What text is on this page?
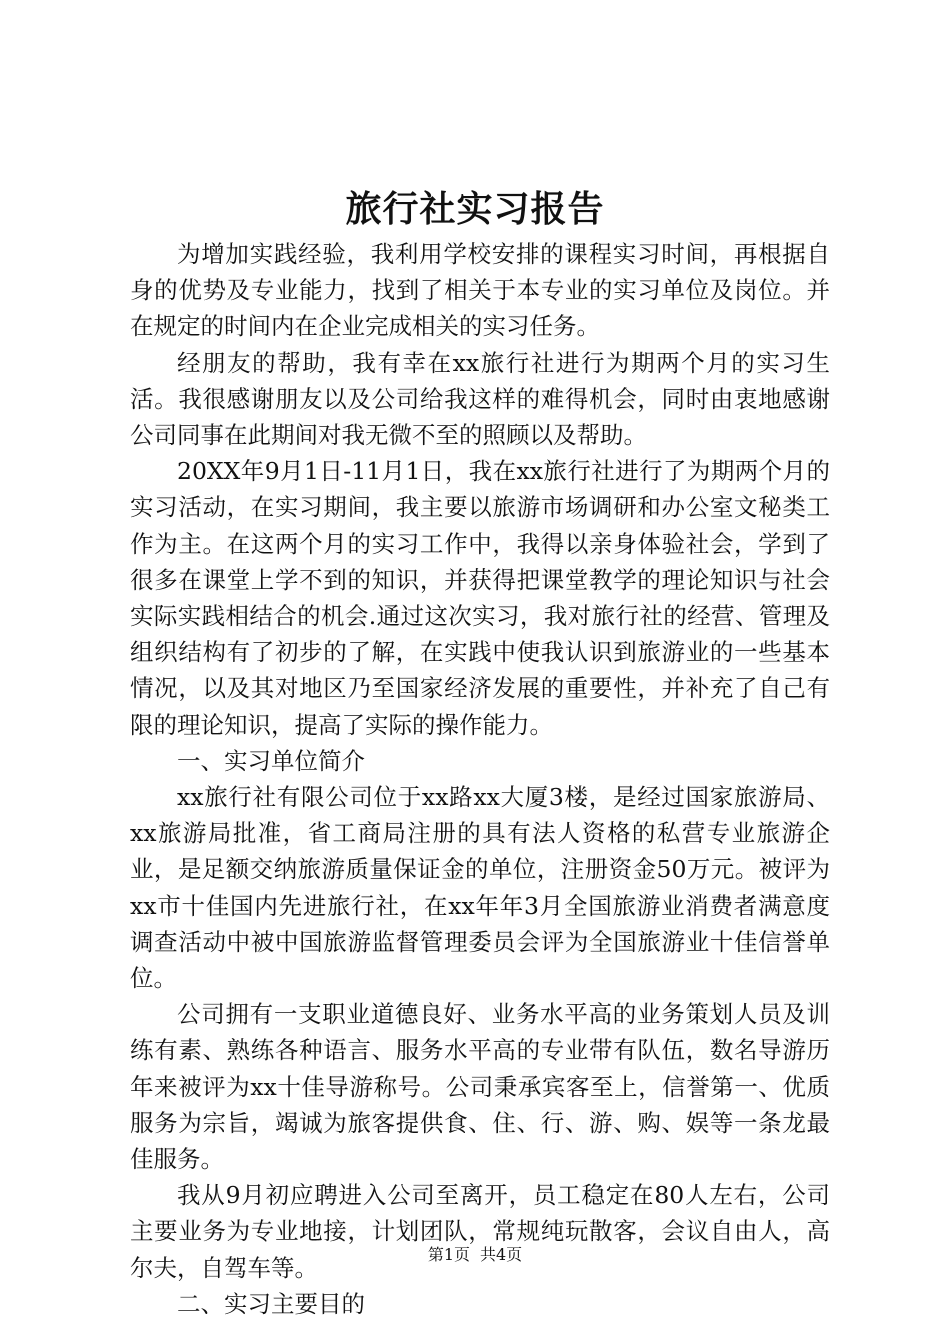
旅行社实习报告

为增加实践经验，我利用学校安排的课程实习时间，再根据自身的优势及专业能力，找到了相关于本专业的实习单位及岗位。并在规定的时间内在企业完成相关的实习任务。

经朋友的帮助，我有幸在xx旅行社进行为期两个月的实习生活。我很感谢朋友以及公司给我这样的难得机会，同时由衷地感谢公司同事在此期间对我无微不至的照顾以及帮助。

20XX年9月1日-11月1日，我在xx旅行社进行了为期两个月的实习活动，在实习期间，我主要以旅游市场调研和办公室文秘类工作为主。在这两个月的实习工作中，我得以亲身体验社会，学到了很多在课堂上学不到的知识，并获得把课堂教学的理论知识与社会实际实践相结合的机会.通过这次实习，我对旅行社的经营、管理及组织结构有了初步的了解，在实践中使我认识到旅游业的一些基本情况，以及其对地区乃至国家经济发展的重要性，并补充了自己有限的理论知识，提高了实际的操作能力。

一、实习单位简介

xx旅行社有限公司位于xx路xx大厦3楼，是经过国家旅游局、xx旅游局批准，省工商局注册的具有法人资格的私营专业旅游企业，是足额交纳旅游质量保证金的单位，注册资金50万元。被评为xx市十佳国内先进旅行社，在xx年年3月全国旅游业消费者满意度调查活动中被中国旅游监督管理委员会评为全国旅游业十佳信誉单位。

公司拥有一支职业道德良好、业务水平高的业务策划人员及训练有素、熟练各种语言、服务水平高的专业带有队伍，数名导游历年来被评为xx十佳导游称号。公司秉承宾客至上，信誉第一、优质服务为宗旨，竭诚为旅客提供食、住、行、游、购、娱等一条龙最佳服务。

我从9月初应聘进入公司至离开，员工稳定在80人左右，公司主要业务为专业地接，计划团队，常规纯玩散客，会议自由人，高尔夫，自驾车等。

二、实习主要目的

第1页 共4页
